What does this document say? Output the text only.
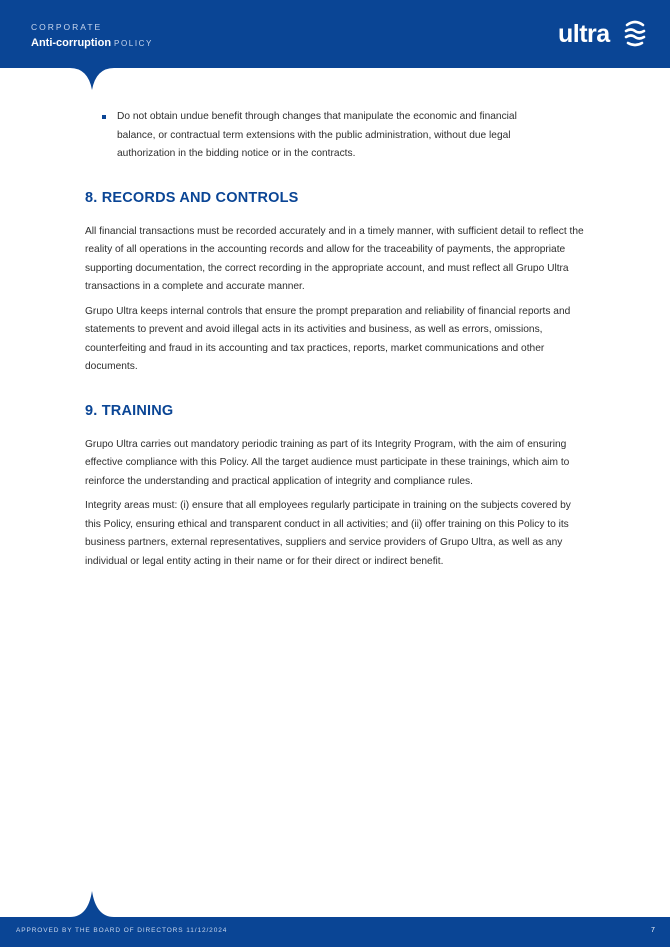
CORPORATE
Anti-corruption POLICY	ultra

Do not obtain undue benefit through changes that manipulate the economic and financial balance, or contractual term extensions with the public administration, without due legal authorization in the bidding notice or in the contracts.

8. RECORDS AND CONTROLS

All financial transactions must be recorded accurately and in a timely manner, with sufficient detail to reflect the reality of all operations in the accounting records and allow for the traceability of payments, the appropriate supporting documentation, the correct recording in the appropriate account, and must reflect all Grupo Ultra transactions in a complete and accurate manner.

Grupo Ultra keeps internal controls that ensure the prompt preparation and reliability of financial reports and statements to prevent and avoid illegal acts in its activities and business, as well as errors, omissions, counterfeiting and fraud in its accounting and tax practices, reports, market communications and other documents.

9. TRAINING

Grupo Ultra carries out mandatory periodic training as part of its Integrity Program, with the aim of ensuring effective compliance with this Policy. All the target audience must participate in these trainings, which aim to reinforce the understanding and practical application of integrity and compliance rules.

Integrity areas must: (i) ensure that all employees regularly participate in training on the subjects covered by this Policy, ensuring ethical and transparent conduct in all activities; and (ii) offer training on this Policy to its business partners, external representatives, suppliers and service providers of Grupo Ultra, as well as any individual or legal entity acting in their name or for their direct or indirect benefit.

APPROVED BY THE BOARD OF DIRECTORS 11/12/2024	7
